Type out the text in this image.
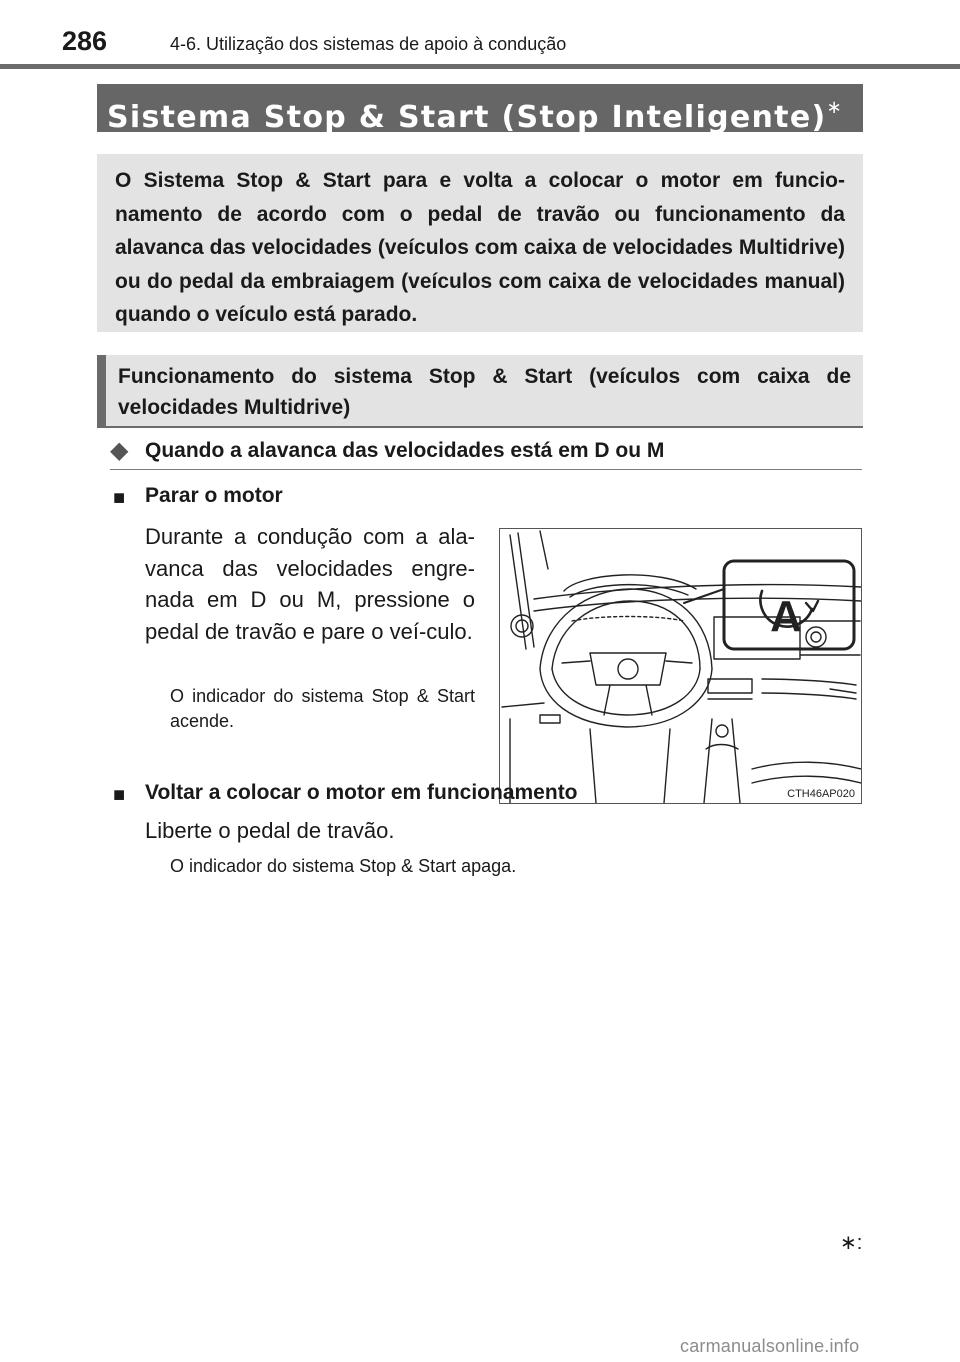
286	4-6. Utilização dos sistemas de apoio à condução
Sistema Stop & Start (Stop Inteligente)∗

O Sistema Stop & Start para e volta a colocar o motor em funcio-namento de acordo com o pedal de travão ou funcionamento da alavanca das velocidades (veículos com caixa de velocidades Multidrive) ou do pedal da embraiagem (veículos com caixa de velocidades manual) quando o veículo está parado.

Funcionamento do sistema Stop & Start (veículos com caixa de velocidades Multidrive)

◆ Quando a alavanca das velocidades está em D ou M
■ Parar o motor

Durante a condução com a ala-vanca das velocidades engre-nada em D ou M, pressione o pedal de travão e pare o veí-culo.

O indicador do sistema Stop & Start acende.

A
CTH46AP020
■ Voltar a colocar o motor em funcionamento

Liberte o pedal de travão.

O indicador do sistema Stop & Start apaga.

∗:
carmanualsonline.info
